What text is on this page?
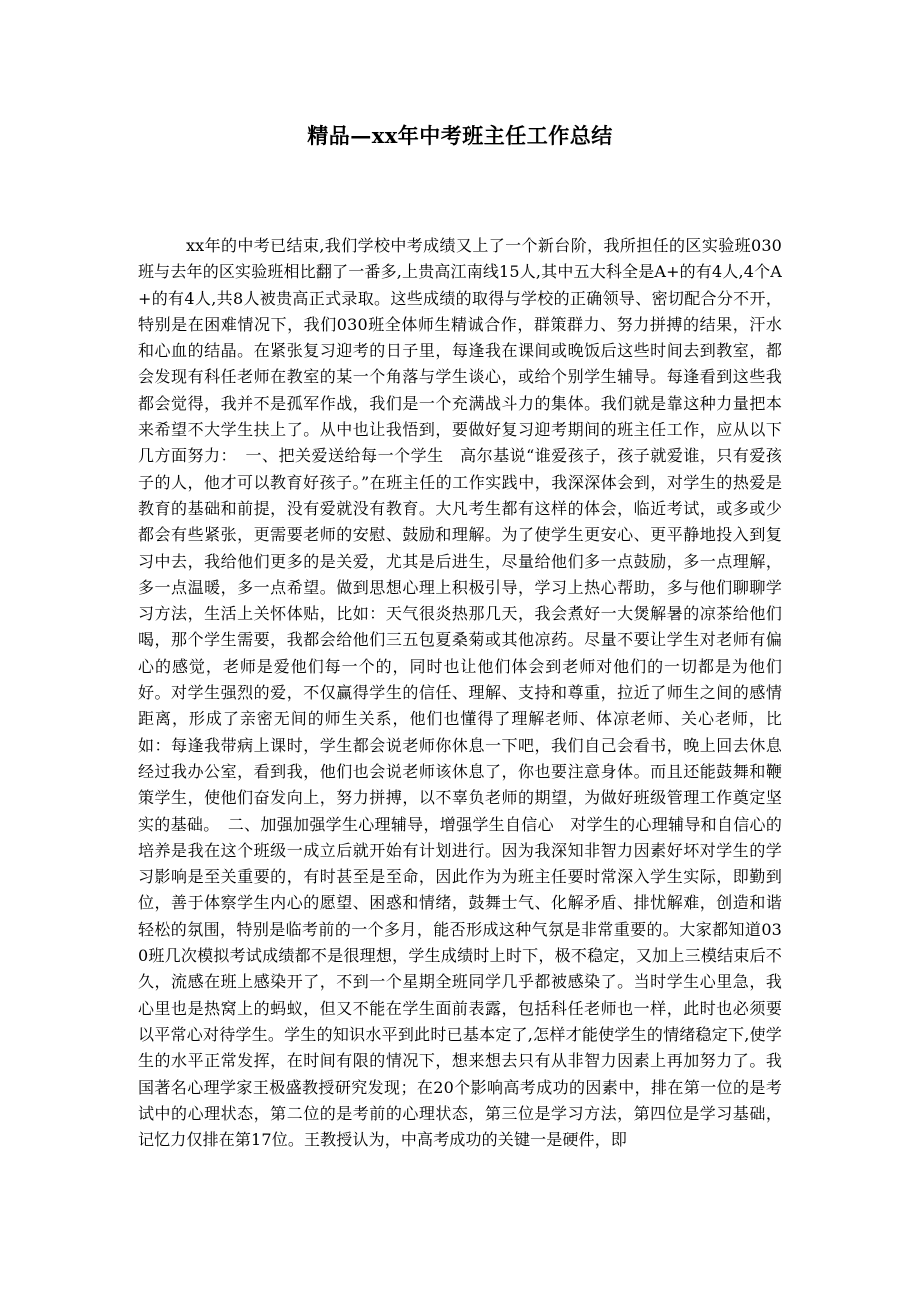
精品—xx年中考班主任工作总结

xx年的中考已结束,我们学校中考成绩又上了一个新台阶，我所担任的区实验班030班与去年的区实验班相比翻了一番多,上贵高江南线15人,其中五大科全是A+的有4人,4个A+的有4人,共8人被贵高正式录取。这些成绩的取得与学校的正确领导、密切配合分不开，特别是在困难情况下，我们030班全体师生精诚合作，群策群力、努力拼搏的结果，汗水和心血的结晶。在紧张复习迎考的日子里，每逢我在课间或晚饭后这些时间去到教室，都会发现有科任老师在教室的某一个角落与学生谈心，或给个别学生辅导。每逢看到这些我都会觉得，我并不是孤军作战，我们是一个充满战斗力的集体。我们就是靠这种力量把本来希望不大学生扶上了。从中也让我悟到，要做好复习迎考期间的班主任工作，应从以下几方面努力：　一、把关爱送给每一个学生　高尔基说“谁爱孩子，孩子就爱谁，只有爱孩子的人，他才可以教育好孩子。”在班主任的工作实践中，我深深体会到，对学生的热爱是教育的基础和前提，没有爱就没有教育。大凡考生都有这样的体会，临近考试，或多或少都会有些紧张，更需要老师的安慰、鼓励和理解。为了使学生更安心、更平静地投入到复习中去，我给他们更多的是关爱，尤其是后进生，尽量给他们多一点鼓励，多一点理解，多一点温暖，多一点希望。做到思想心理上积极引导，学习上热心帮助，多与他们聊聊学习方法，生活上关怀体贴，比如：天气很炎热那几天，我会煮好一大煲解暑的凉茶给他们喝，那个学生需要，我都会给他们三五包夏桑菊或其他凉药。尽量不要让学生对老师有偏心的感觉，老师是爱他们每一个的，同时也让他们体会到老师对他们的一切都是为他们好。对学生强烈的爱，不仅赢得学生的信任、理解、支持和尊重，拉近了师生之间的感情距离，形成了亲密无间的师生关系，他们也懂得了理解老师、体凉老师、关心老师，比如：每逢我带病上课时，学生都会说老师你休息一下吧，我们自己会看书，晚上回去休息经过我办公室，看到我，他们也会说老师该休息了，你也要注意身体。而且还能鼓舞和鞭策学生，使他们奋发向上，努力拼搏，以不辜负老师的期望，为做好班级管理工作奠定坚实的基础。　二、加强加强学生心理辅导，增强学生自信心　对学生的心理辅导和自信心的培养是我在这个班级一成立后就开始有计划进行。因为我深知非智力因素好坏对学生的学习影响是至关重要的，有时甚至是至命，因此作为为班主任要时常深入学生实际，即勤到位，善于体察学生内心的愿望、困惑和情绪，鼓舞士气、化解矛盾、排忧解难，创造和谐轻松的氛围，特别是临考前的一个多月，能否形成这种气氛是非常重要的。大家都知道030班几次模拟考试成绩都不是很理想，学生成绩时上时下，极不稳定，又加上三模结束后不久，流感在班上感染开了，不到一个星期全班同学几乎都被感染了。当时学生心里急，我心里也是热窝上的蚂蚁，但又不能在学生面前表露，包括科任老师也一样，此时也必须要以平常心对待学生。学生的知识水平到此时已基本定了,怎样才能使学生的情绪稳定下,使学生的水平正常发挥，在时间有限的情况下，想来想去只有从非智力因素上再加努力了。我国著名心理学家王极盛教授研究发现；在20个影响高考成功的因素中，排在第一位的是考试中的心理状态，第二位的是考前的心理状态，第三位是学习方法，第四位是学习基础，记忆力仅排在第17位。王教授认为，中高考成功的关键一是硬件，即
